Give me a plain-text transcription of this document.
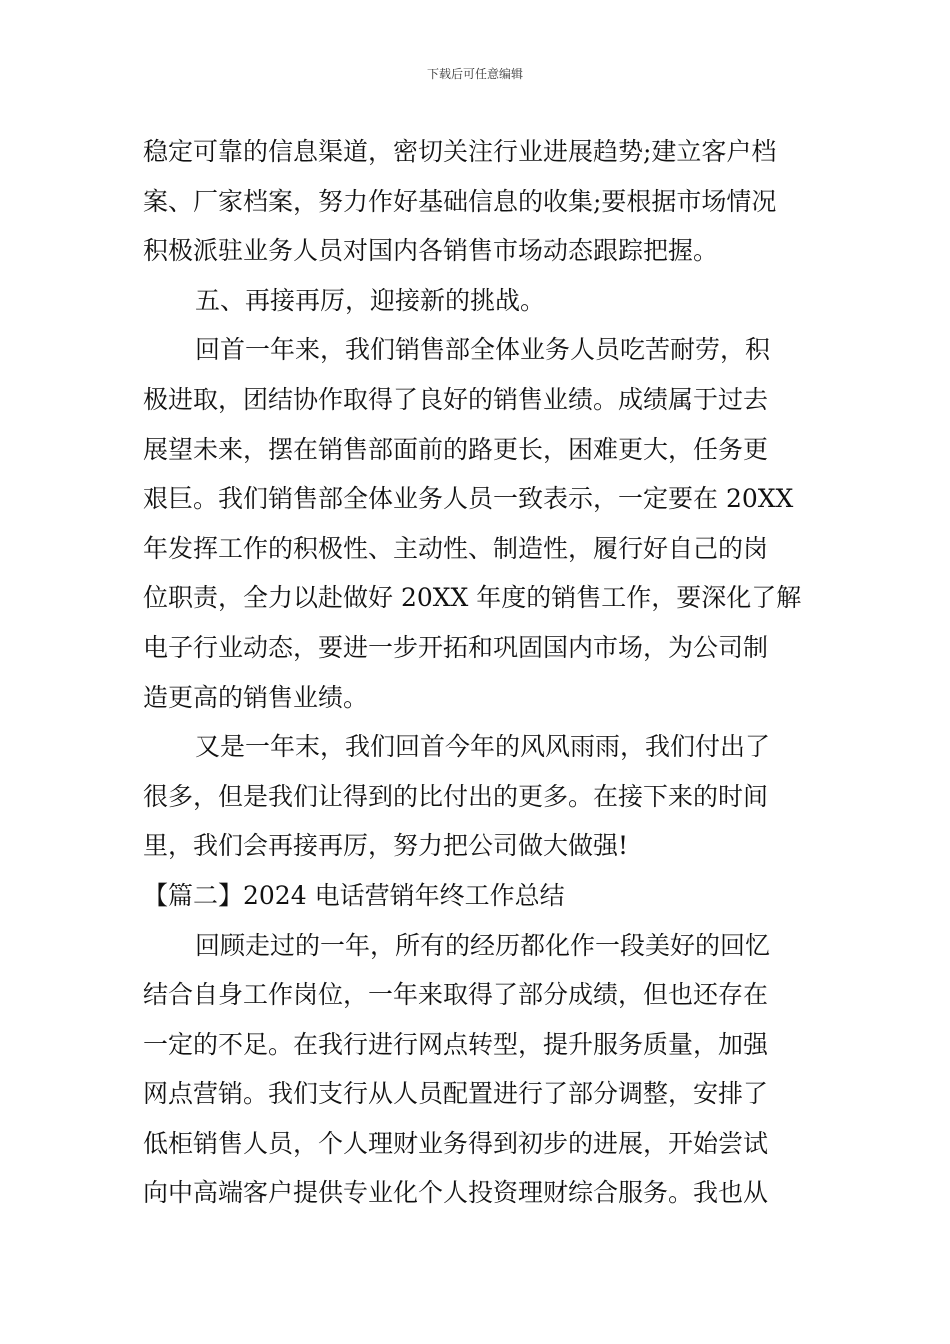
下载后可任意编辑
稳定可靠的信息渠道，密切关注行业进展趋势;建立客户档
案、厂家档案，努力作好基础信息的收集;要根据市场情况
积极派驻业务人员对国内各销售市场动态跟踪把握。
五、再接再厉，迎接新的挑战。
回首一年来，我们销售部全体业务人员吃苦耐劳，积
极进取，团结协作取得了良好的销售业绩。成绩属于过去
展望未来，摆在销售部面前的路更长，困难更大，任务更
艰巨。我们销售部全体业务人员一致表示，一定要在 20XX
年发挥工作的积极性、主动性、制造性，履行好自己的岗
位职责，全力以赴做好 20XX 年度的销售工作，要深化了解
电子行业动态，要进一步开拓和巩固国内市场，为公司制
造更高的销售业绩。
又是一年末，我们回首今年的风风雨雨，我们付出了
很多，但是我们让得到的比付出的更多。在接下来的时间
里，我们会再接再厉，努力把公司做大做强!
【篇二】2024 电话营销年终工作总结
回顾走过的一年，所有的经历都化作一段美好的回忆
结合自身工作岗位，一年来取得了部分成绩，但也还存在
一定的不足。在我行进行网点转型，提升服务质量，加强
网点营销。我们支行从人员配置进行了部分调整，安排了
低柜销售人员，个人理财业务得到初步的进展，开始尝试
向中高端客户提供专业化个人投资理财综合服务。我也从
